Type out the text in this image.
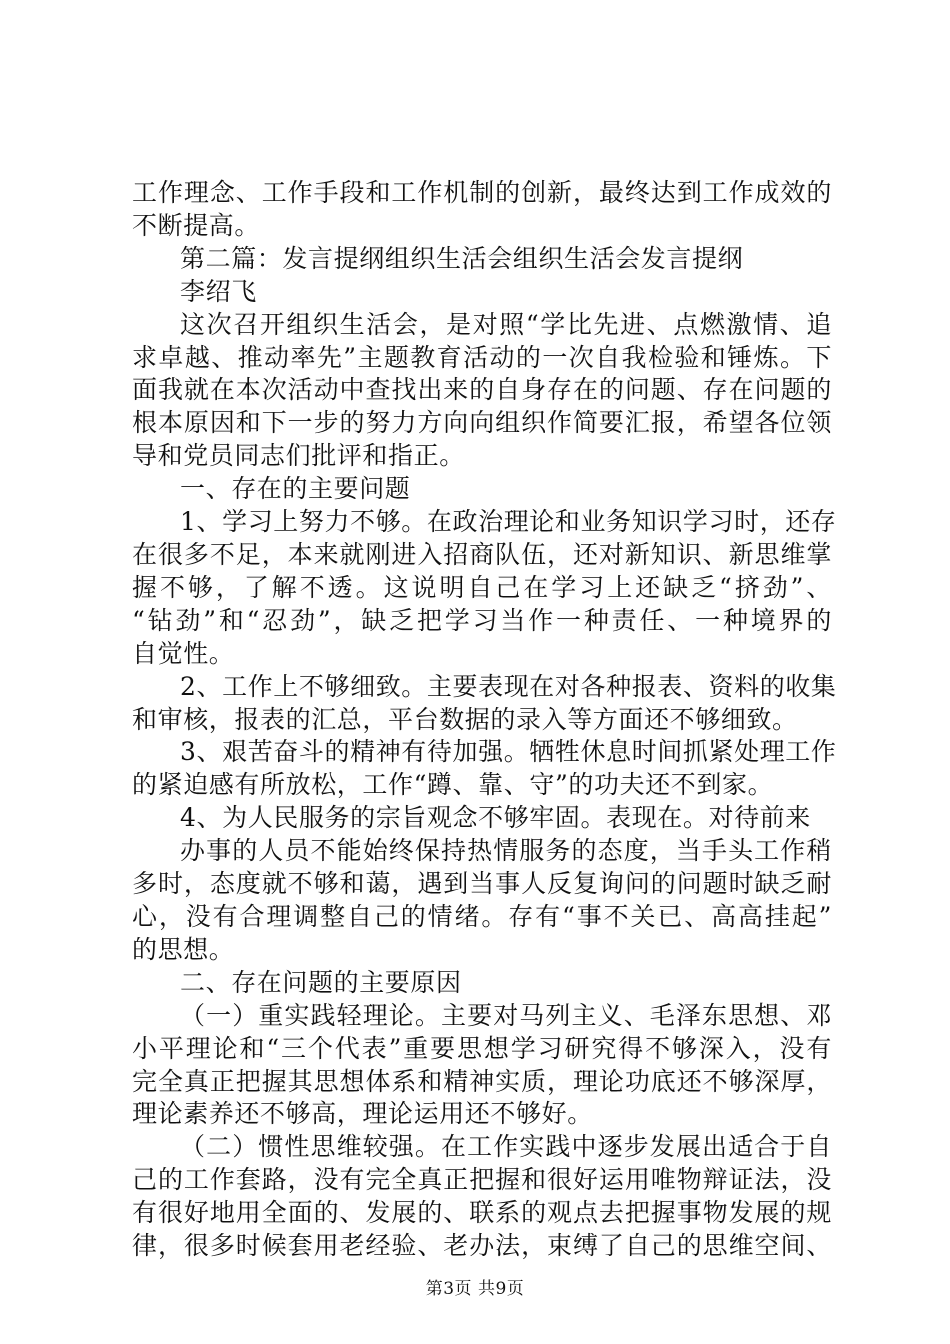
工作理念、工作手段和工作机制的创新，最终达到工作成效的
不断提高。
第二篇：发言提纲组织生活会组织生活会发言提纲
李绍飞
这次召开组织生活会，是对照“学比先进、点燃激情、追
求卓越、推动率先”主题教育活动的一次自我检验和锤炼。下
面我就在本次活动中查找出来的自身存在的问题、存在问题的
根本原因和下一步的努力方向向组织作简要汇报，希望各位领
导和党员同志们批评和指正。
一、存在的主要问题
1、学习上努力不够。在政治理论和业务知识学习时，还存
在很多不足，本来就刚进入招商队伍，还对新知识、新思维掌
握不够，了解不透。这说明自己在学习上还缺乏“挤劲”、
“钻劲”和“忍劲”，缺乏把学习当作一种责任、一种境界的
自觉性。
2、工作上不够细致。主要表现在对各种报表、资料的收集
和审核，报表的汇总，平台数据的录入等方面还不够细致。
3、艰苦奋斗的精神有待加强。牺牲休息时间抓紧处理工作
的紧迫感有所放松，工作“蹲、靠、守”的功夫还不到家。
4、为人民服务的宗旨观念不够牢固。表现在。对待前来
办事的人员不能始终保持热情服务的态度，当手头工作稍
多时，态度就不够和蔼，遇到当事人反复询问的问题时缺乏耐
心，没有合理调整自己的情绪。存有“事不关已、高高挂起”
的思想。
二、存在问题的主要原因
（一）重实践轻理论。主要对马列主义、毛泽东思想、邓
小平理论和“三个代表”重要思想学习研究得不够深入，没有
完全真正把握其思想体系和精神实质，理论功底还不够深厚，
理论素养还不够高，理论运用还不够好。
（二）惯性思维较强。在工作实践中逐步发展出适合于自
己的工作套路，没有完全真正把握和很好运用唯物辩证法，没
有很好地用全面的、发展的、联系的观点去把握事物发展的规
律，很多时候套用老经验、老办法，束缚了自己的思维空间、
第3页 共9页
